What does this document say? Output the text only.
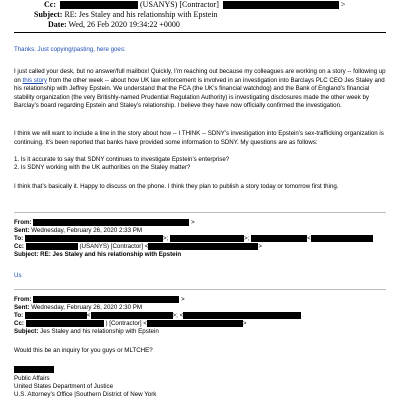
Cc:	(USANYS) [Contractor]	>
Subject: RE: Jes Staley and his relationship with Epstein
Date: Wed, 26 Feb 2020 19:34:22 +0000
Thanks. Just copying/pasting, here goes:
I just called your desk, but no answer/full mailbox! Quickly, I’m reaching out because my colleagues are working on a story -- following up on this story from the other week -- about how UK law enforcement is involved in an investigation into Barclays PLC CEO Jes Staley and his relationship with Jeffrey Epstein. We understand that the FCA (the UK’s financial watchdog) and the Bank of England’s financial stability organization (the very Britishly-named Prudential Regulation Authority) is investigating disclosures made the other week by Barclay’s board regarding Epstein and Staley’s relationship. I believe they have now officially confirmed the investigation.
I think we will want to include a line in the story about how -- I THINK -- SDNY’s investigation into Epstein’s sex-trafficking organization is continuing. It’s been reported that banks have provided some information to SDNY. My questions are as follows:
1. Is it accurate to say that SDNY continues to investigate Epstein’s enterprise?
2. Is SDNY working with the UK authorities on the Staley matter?
I think that’s basically it. Happy to discuss on the phone. I think they plan to publish a story today or tomorrow first thing.
From:	>
Sent: Wednesday, February 26, 2020 2:33 PM
To:	>;	>;	<
Cc:	(USANYS) [Contractor] <	>
Subject: RE: Jes Staley and his relationship with Epstein
Us
From:	>
Sent: Wednesday, February 26, 2020 2:30 PM
To:	<	>; <
Cc:	) [Contractor] <	>
Subject: Jes Staley and his relationship with Epstein
Would this be an inquiry for you guys or MLTCHE?
Public Affairs
United States Department of Justice
U.S. Attorney’s Office |Southern District of New York
